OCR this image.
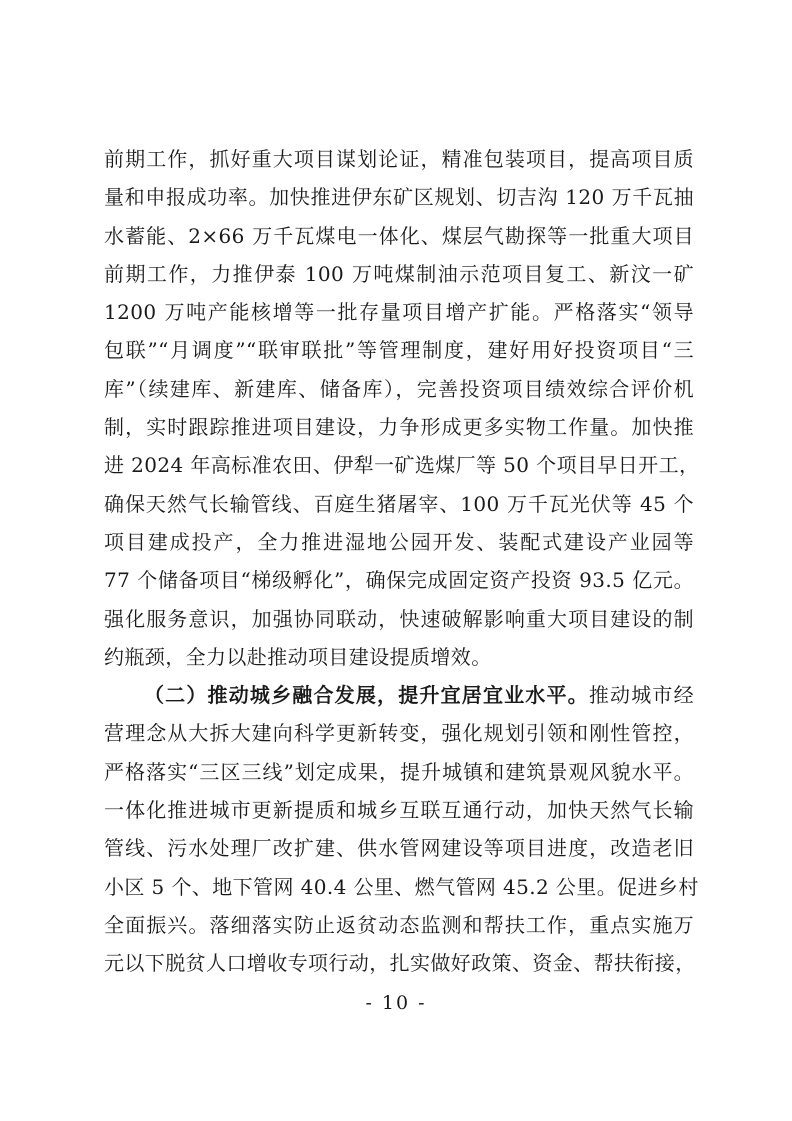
前期工作，抓好重大项目谋划论证，精准包装项目，提高项目质
量和申报成功率。加快推进伊东矿区规划、切吉沟 120 万千瓦抽
水蓄能、2×66 万千瓦煤电一体化、煤层气勘探等一批重大项目
前期工作，力推伊泰 100 万吨煤制油示范项目复工、新汶一矿
1200 万吨产能核增等一批存量项目增产扩能。严格落实“领导
包联”“月调度”“联审联批”等管理制度，建好用好投资项目“三
库”（续建库、新建库、储备库），完善投资项目绩效综合评价机
制，实时跟踪推进项目建设，力争形成更多实物工作量。加快推
进 2024 年高标准农田、伊犁一矿选煤厂等 50 个项目早日开工，
确保天然气长输管线、百庭生猪屠宰、100 万千瓦光伏等 45 个
项目建成投产，全力推进湿地公园开发、装配式建设产业园等
77 个储备项目“梯级孵化”，确保完成固定资产投资 93.5 亿元。
强化服务意识，加强协同联动，快速破解影响重大项目建设的制
约瓶颈，全力以赴推动项目建设提质增效。
（二）推动城乡融合发展，提升宜居宜业水平。推动城市经
营理念从大拆大建向科学更新转变，强化规划引领和刚性管控，
严格落实“三区三线”划定成果，提升城镇和建筑景观风貌水平。
一体化推进城市更新提质和城乡互联互通行动，加快天然气长输
管线、污水处理厂改扩建、供水管网建设等项目进度，改造老旧
小区 5 个、地下管网 40.4 公里、燃气管网 45.2 公里。促进乡村
全面振兴。落细落实防止返贫动态监测和帮扶工作，重点实施万
元以下脱贫人口增收专项行动，扎实做好政策、资金、帮扶衔接，
- 10 -
